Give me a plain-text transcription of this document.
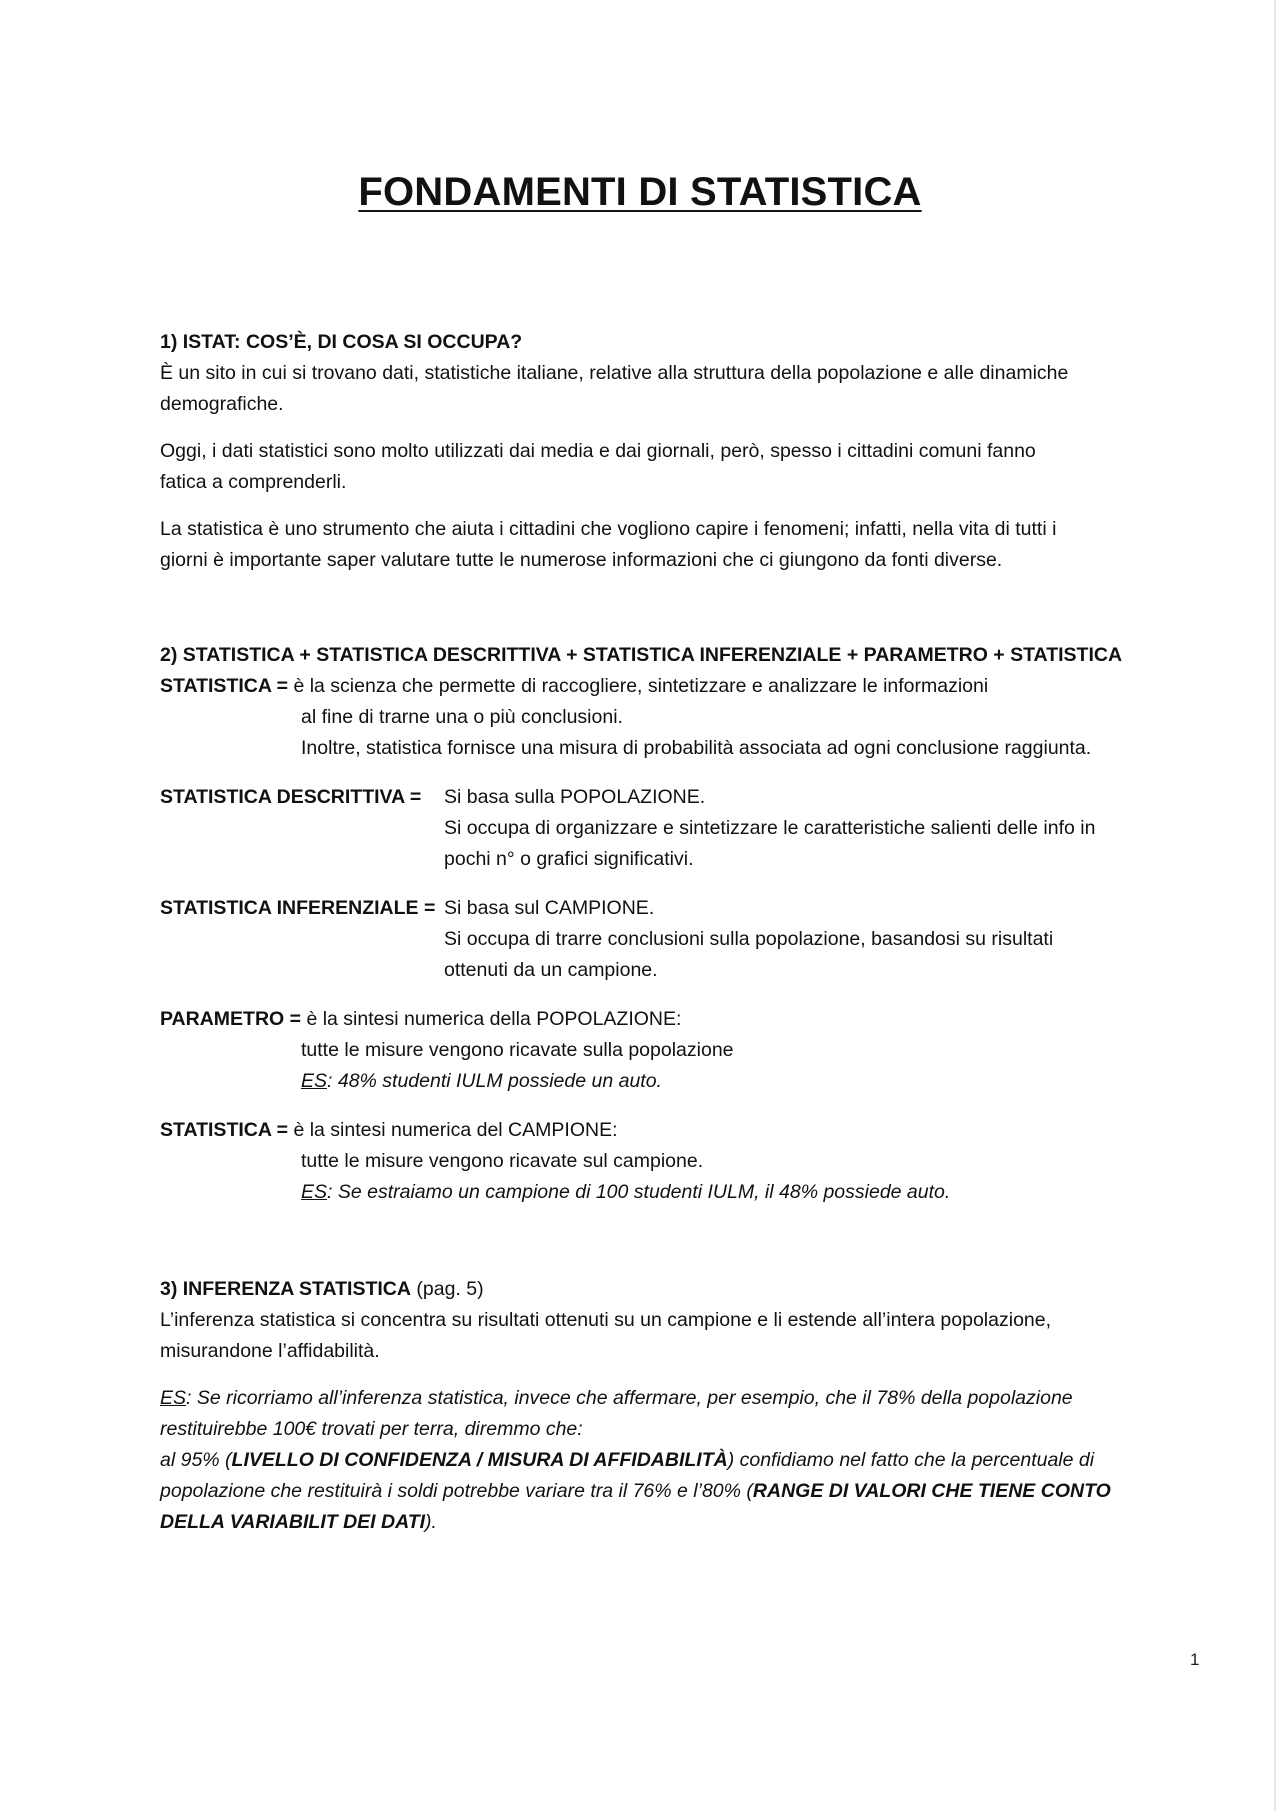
FONDAMENTI DI STATISTICA
1) ISTAT: COS’È, DI COSA SI OCCUPA?
È un sito in cui si trovano dati, statistiche italiane, relative alla struttura della popolazione e alle dinamiche
demografiche.
Oggi, i dati statistici sono molto utilizzati dai media e dai giornali, però, spesso i cittadini comuni fanno
fatica a comprenderli.
La statistica è uno strumento che aiuta i cittadini che vogliono capire i fenomeni; infatti, nella vita di tutti i
giorni è importante saper valutare tutte le numerose informazioni che ci giungono da fonti diverse.
2) STATISTICA + STATISTICA DESCRITTIVA + STATISTICA INFERENZIALE + PARAMETRO + STATISTICA
STATISTICA = è la scienza che permette di raccogliere, sintetizzare e analizzare le informazioni
al fine di trarne una o più conclusioni.
Inoltre, statistica fornisce una misura di probabilità associata ad ogni conclusione raggiunta.
STATISTICA DESCRITTIVA = Si basa sulla POPOLAZIONE.
Si occupa di organizzare e sintetizzare le caratteristiche salienti delle info in
pochi n° o grafici significativi.
STATISTICA INFERENZIALE = Si basa sul CAMPIONE.
Si occupa di trarre conclusioni sulla popolazione, basandosi su risultati
ottenuti da un campione.
PARAMETRO = è la sintesi numerica della POPOLAZIONE:
tutte le misure vengono ricavate sulla popolazione
ES: 48% studenti IULM possiede un auto.
STATISTICA = è la sintesi numerica del CAMPIONE:
tutte le misure vengono ricavate sul campione.
ES: Se estraiamo un campione di 100 studenti IULM, il 48% possiede auto.
3) INFERENZA STATISTICA (pag. 5)
L’inferenza statistica si concentra su risultati ottenuti su un campione e li estende all’intera popolazione,
misurandone l’affidabilità.
ES: Se ricorriamo all’inferenza statistica, invece che affermare, per esempio, che il 78% della popolazione
restituirebbe 100€ trovati per terra, diremmo che:
al 95% (LIVELLO DI CONFIDENZA / MISURA DI AFFIDABILITÀ) confidiamo nel fatto che la percentuale di
popolazione che restituirà i soldi potrebbe variare tra il 76% e l’80% (RANGE DI VALORI CHE TIENE CONTO
DELLA VARIABILIT DEI DATI).
1
